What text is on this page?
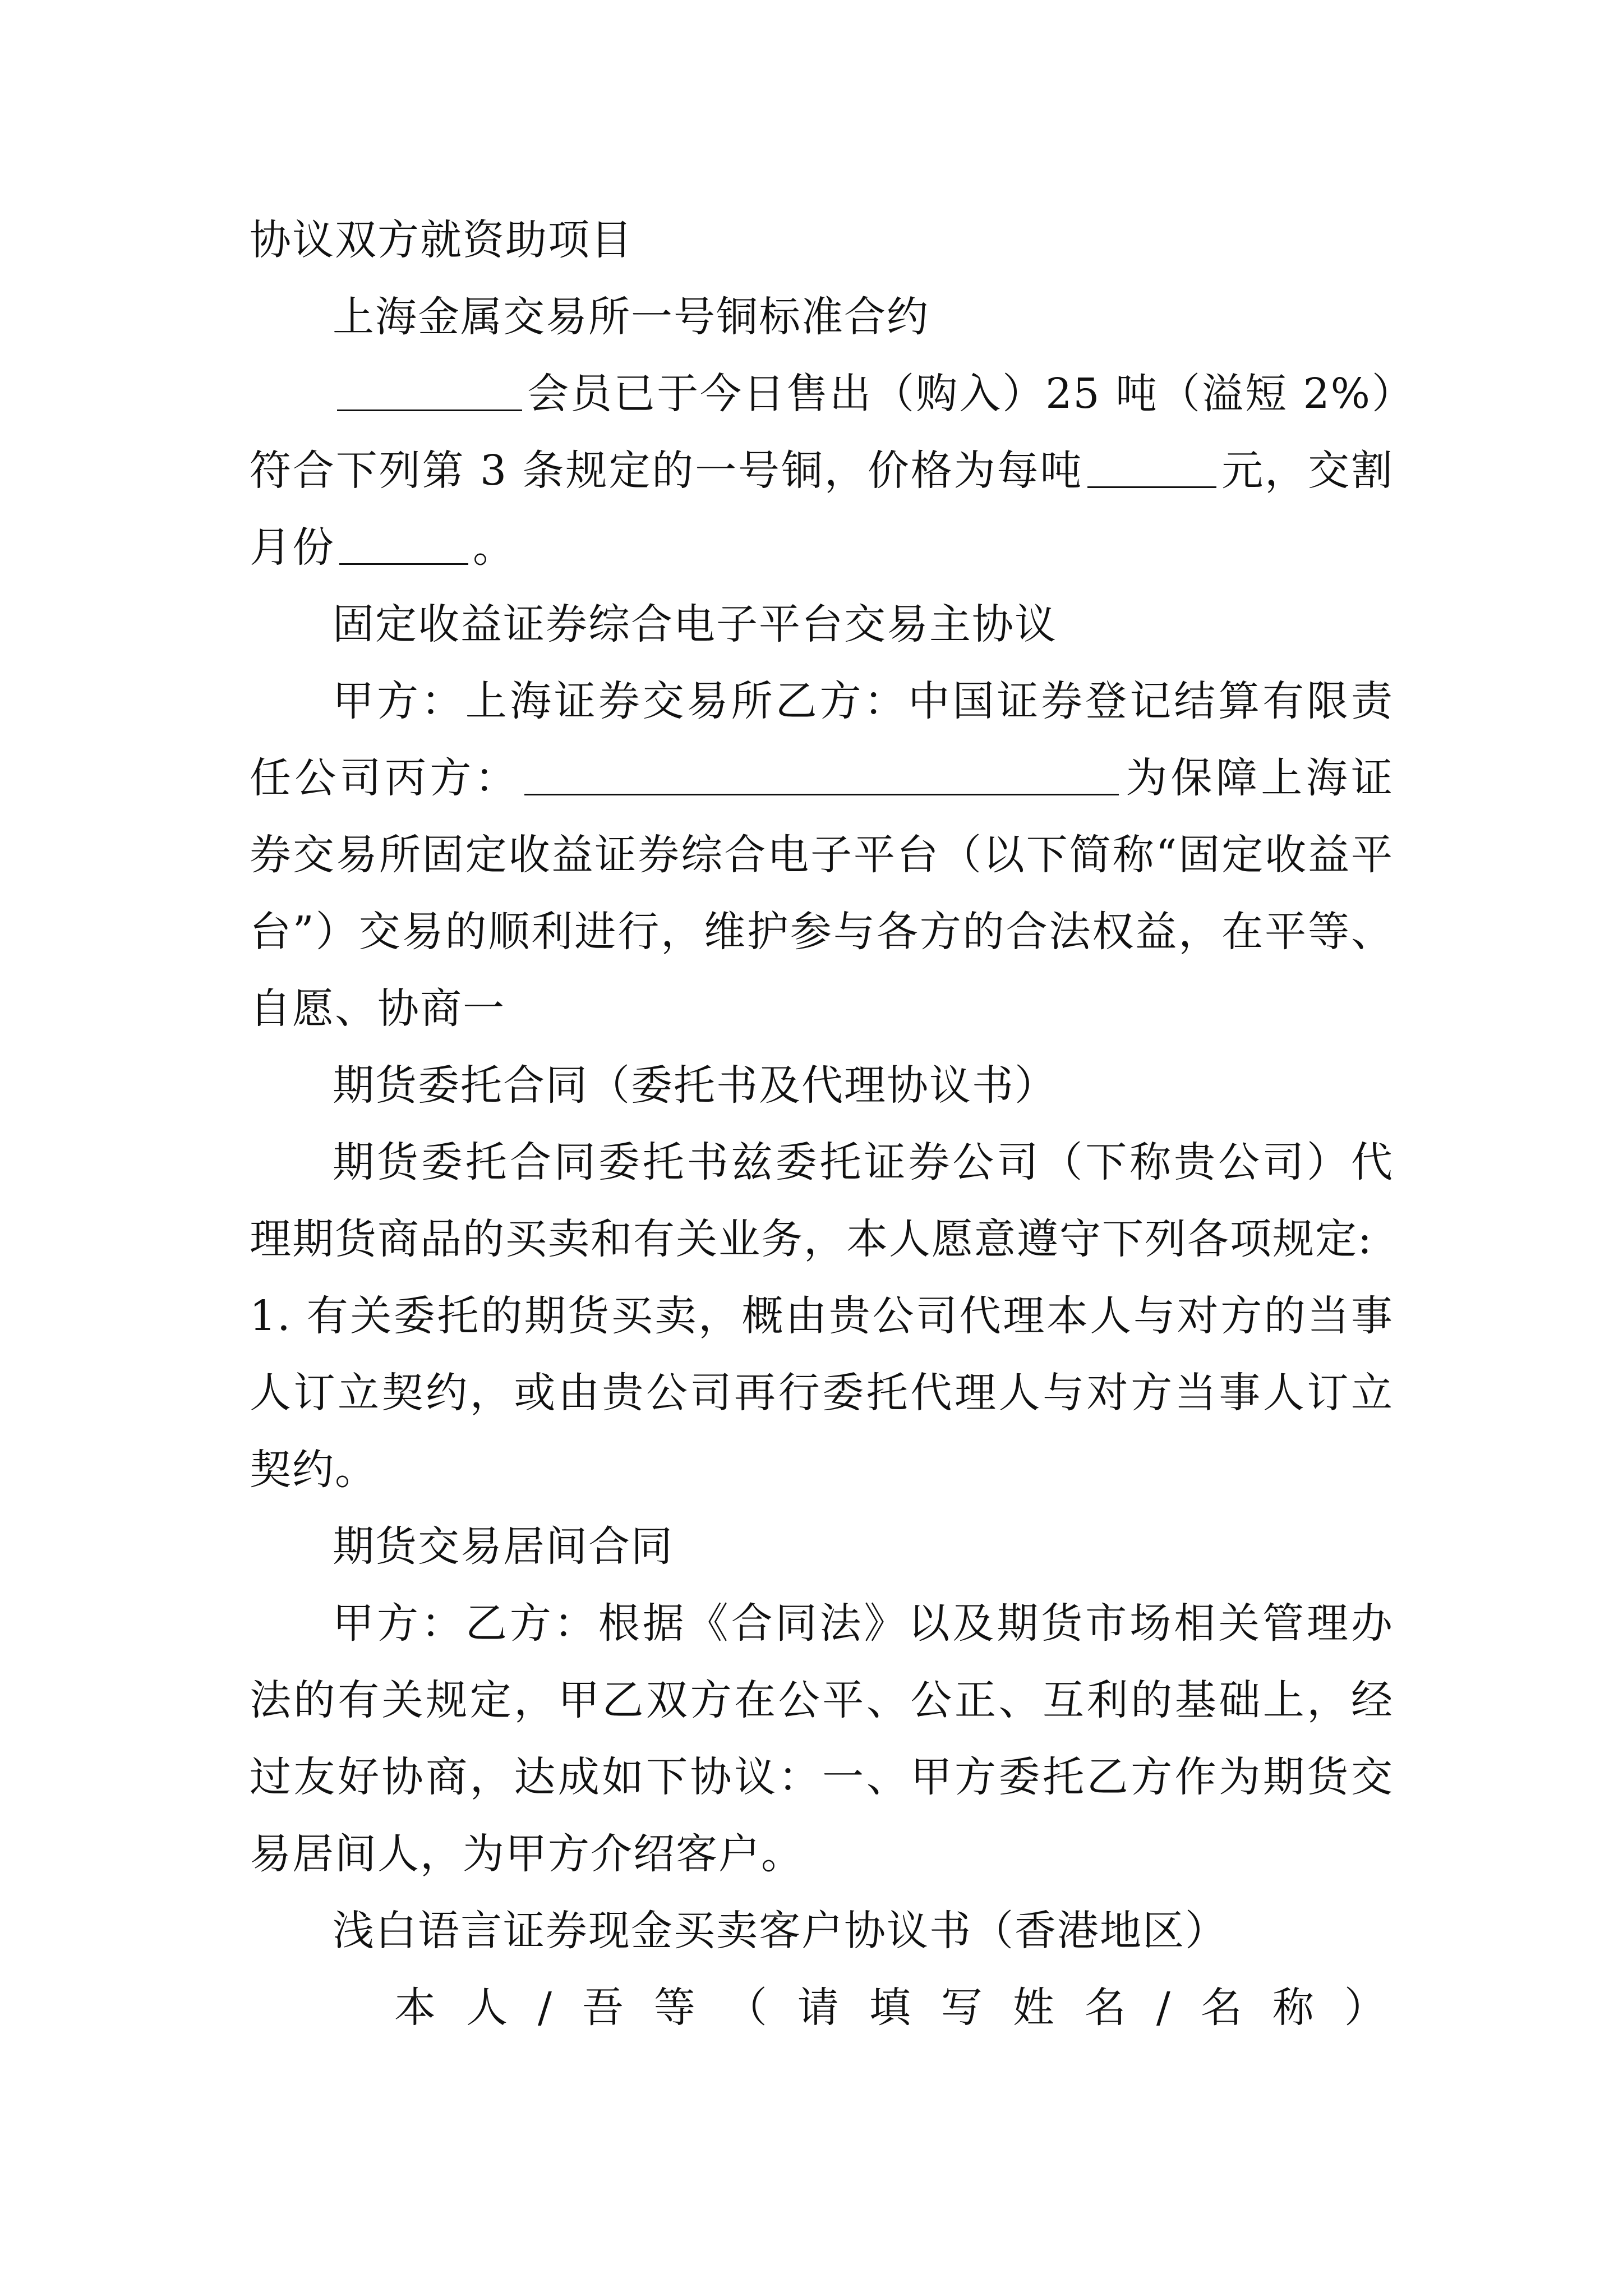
协议双方就资助项目

上海金属交易所一号铜标准合约

会员已于今日售出（购入）25 吨（溢短 2%）符合下列第 3 条规定的一号铜，价格为每吨	元，交割月份	。

固定收益证券综合电子平台交易主协议

甲方：上海证券交易所乙方：中国证券登记结算有限责任公司丙方：	为保障上海证券交易所固定收益证券综合电子平台（以下简称“固定收益平台”）交易的顺利进行，维护参与各方的合法权益，在平等、自愿、协商一

期货委托合同（委托书及代理协议书）

期货委托合同委托书兹委托证券公司（下称贵公司）代理期货商品的买卖和有关业务，本人愿意遵守下列各项规定:

1. 有关委托的期货买卖，概由贵公司代理本人与对方的当事人订立契约，或由贵公司再行委托代理人与对方当事人订立契约。

期货交易居间合同

甲方：乙方：根据《合同法》以及期货市场相关管理办法的有关规定，甲乙双方在公平、公正、互利的基础上，经过友好协商，达成如下协议：一、甲方委托乙方作为期货交易居间人，为甲方介绍客户。

浅白语言证券现金买卖客户协议书（香港地区）

本人/吾等（请填写姓名/名称）
